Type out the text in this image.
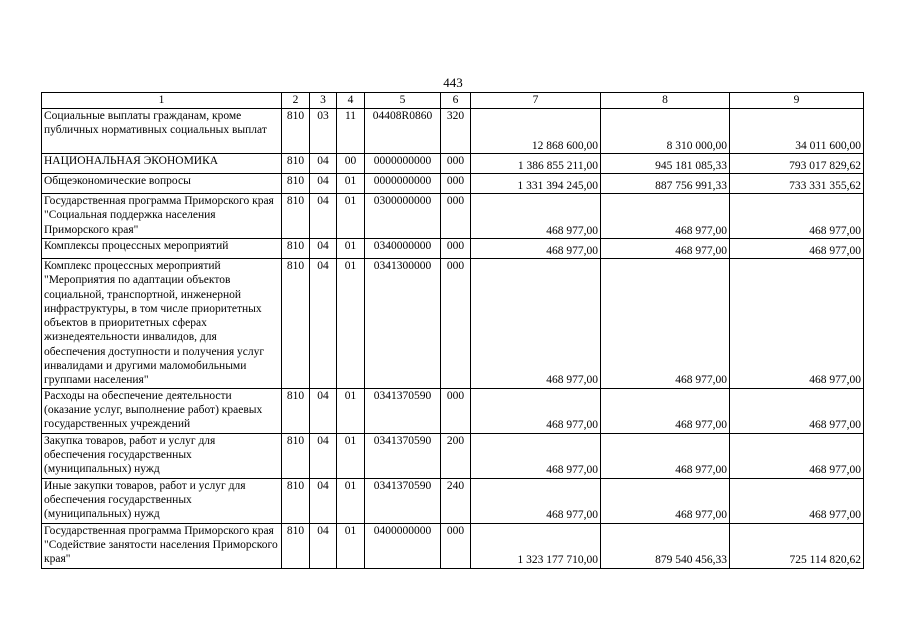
443
1	2	3	4	5	6	7	8	9
Социальные выплаты гражданам, кроме публичных нормативных социальных выплат	810	03	11	04408R0860	320	12 868 600,00	8 310 000,00	34 011 600,00
НАЦИОНАЛЬНАЯ ЭКОНОМИКА	810	04	00	0000000000	000	1 386 855 211,00	945 181 085,33	793 017 829,62
Общеэкономические вопросы	810	04	01	0000000000	000	1 331 394 245,00	887 756 991,33	733 331 355,62
Государственная программа Приморского края "Социальная поддержка населения Приморского края"	810	04	01	0300000000	000	468 977,00	468 977,00	468 977,00
Комплексы процессных мероприятий	810	04	01	0340000000	000	468 977,00	468 977,00	468 977,00
Комплекс процессных мероприятий "Мероприятия по адаптации объектов социальной, транспортной, инженерной инфраструктуры, в том числе приоритетных объектов в приоритетных сферах жизнедеятельности инвалидов, для обеспечения доступности и получения услуг инвалидами и другими маломобильными группами населения"	810	04	01	0341300000	000	468 977,00	468 977,00	468 977,00
Расходы на обеспечение деятельности (оказание услуг, выполнение работ) краевых государственных учреждений	810	04	01	0341370590	000	468 977,00	468 977,00	468 977,00
Закупка товаров, работ и услуг для обеспечения государственных (муниципальных) нужд	810	04	01	0341370590	200	468 977,00	468 977,00	468 977,00
Иные закупки товаров, работ и услуг для обеспечения государственных (муниципальных) нужд	810	04	01	0341370590	240	468 977,00	468 977,00	468 977,00
Государственная программа Приморского края "Содействие занятости населения Приморского края"	810	04	01	0400000000	000	1 323 177 710,00	879 540 456,33	725 114 820,62
